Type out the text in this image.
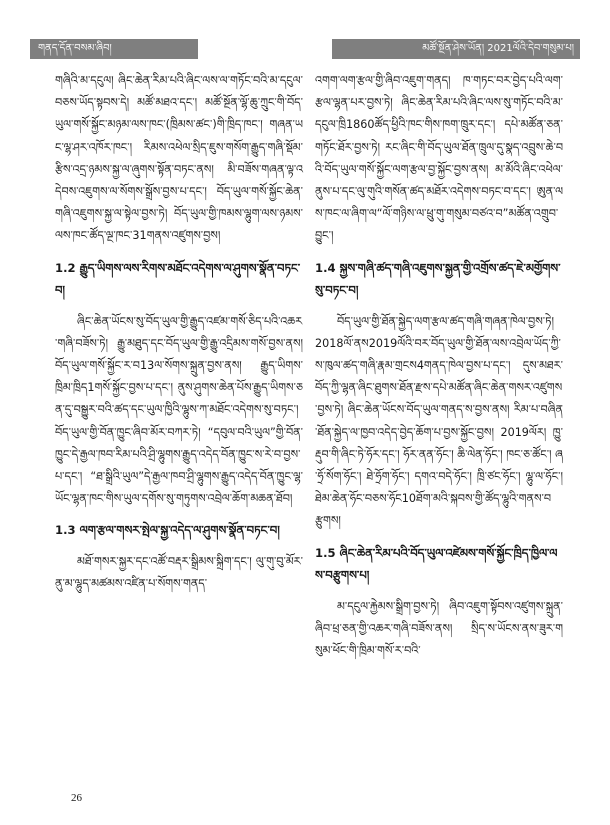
གནད་དོན་བསམ་ཞིབ།	མཚོ་སྔོན་ཤེས་ཡོན། 2021ལོའི་དེབ་གསུམ་པ།

གཞིའི་མ་དངུལ། ཞིང་ཆེན་རིམ་པའི་ཞིང་ལས་ལ་གཏོང་བའི་མ་དངུལ་བཅས་ཡོད་སྟབས་དེ། མཚོ་མཐའ་དང་། མཚོ་སྔོན་ལྷོ་ཆུ་ཀྲུང་གི་བོད་ཡུལ་གསོ་སྐྱོང་མཉམ་ལས་ཁང་(ཁྲིམས་ཚང་)གི་ཁྲིད་ཁང་། གཞན་ཡང་ལྷ་ཤར་འཁོར་ཁང་། རིམས་འཕེལ་སྲིད་ཇུས་གསོག་རྒྱུད་གཞི་སྡོམ་རྩིས་འདྲ་ཉམས་སྐྱ་ལ་ཞུགས་སྟོན་བཏང་ནས། མི་བཟོས་གཞན་ལྟ་འདེབས་འཇུགས་ལ་སོགས་སྒྲོས་བྱས་པ་དང་། བོད་ཡུལ་གསོ་སྐྱོང་ཆེན་གཞི་འཇུགས་སྐྱ་ལ་སྟེལ་བྱས་ཏེ། བོད་ཡུལ་གྱི་ཁམས་ལྷུག་ལས་ཉམས་ལས་ཁང་ཚོད་ལྔ་ཁང་31གནས་འཛུགས་བྱས།

1.2 རྒྱུད་ཡིགས་ལས་རིགས་མཐོང་འདེགས་ལ་ཤུགས་སྣོན་བཏང་བ།

ཞིང་ཆེན་ཡོངས་སུ་བོད་ཡུལ་གྱི་རྒྱུད་འཛམ་གསོ་ཅིད་པའི་འཆར་གཞི་བཟོས་ཏེ། རྒྱུ་མཐུད་དང་བོད་ཡུལ་གྱི་རྒྱུ་འདྲིམས་གསོ་བྱས་ནས། བོད་ཡུལ་གསོ་སྐྱོང་ར་བ13ལ་སོགས་སྐྲུན་བྱས་ནས། རྒྱུད་ཡིགས་ཁྲིམ་ཁྲིད1གསོ་སྐྱོང་བྱས་པ་དང་། ནུས་ཤུགས་ཆེན་པོས་རྒྱུད་ཡིགས་ཅན་དུ་བསྒྱུར་བའི་ཚད་དང་ཡུལ་ཁྱིའི་ལྷུས་ཀ་མཐོང་འདེགས་སུ་བཏང་། བོད་ཡུལ་གྱི་བོན་ཁྱུང་ཞིབ་མོར་བཀར་ཏེ། “དབུལ་བའི་ཡུལ”གྱི་བོན་ཁྱུང་དེ་རྒྱལ་ཁབ་རིམ་པའི་ཤྲི་ལྷུགས་རྒྱུད་འདེད་བོན་ཁྱུང་ས་རེ་བ་བྱས་པ་དང་། “ཐ་སྒྲིའི་ཡུལ”དེ་རྒྱལ་ཁབ་ཤྲི་ལྷུགས་རྒྱུད་འདེད་བོན་ཁྱུང་ལྷ་ཡོང་ལྷན་ཁང་གིས་ཡུལ་དགོས་སུ་གཏུགས་འབྲེལ་ཆོག་མཆན་ཐོབ།

1.3 ལག་རྩལ་གསར་སྤེལ་སྐྱ་འདེད་ལ་ཤུགས་སྣོན་བཏང་བ།

མཐོ་གསར་སྐྱར་དང་འཚོ་བརྡར་སྒྲིམས་སྐྲིག་དང་། ལུ་གུ་བུ་མོར་ནུ་མ་ལྷུད་མཚམས་འཛིན་པ་སོགས་གནད་

འགག་ལག་རྩལ་གྱི་ཞིབ་འཇུག་གནད། ཁ་གཏང་བར་བྱེད་པའི་ལག་རྩལ་ལྷན་པར་བྱས་ཏེ། ཞིང་ཆེན་རིམ་པའི་ཞིང་ལས་སུ་གཏོང་བའི་མ་དངུལ་ཁྲི1860ཚོད་ཕྱིའི་ཁང་གིས་ཁག་ཁྲུར་དང་། དཔེ་མཚོན་ཅན་གཏོང་ཐོར་བྱས་ཏེ། རང་ཞིང་གི་བོད་ཡུལ་ཐོན་ཁྲུལ་དུ་སྣད་འབྲུས་ཆེ་བའི་བོད་ཡུལ་གསོ་སྐྱོང་ལག་རྩལ་བྱ་སྐྱོང་བྱས་ནས། མ་མོའི་ཞིང་འཕེལ་ནུས་པ་དང་ལུ་གུའི་གསོན་ཚད་མཐོར་འདེགས་བཏང་བ་དང་། ཨུན་ལས་ཁང་ལ་ཞིག་ལ“ལོ་གཉིས་ལ་ཕྲུ་གུ་གསུམ་བཙའ་བ”མཚོན་འགྲུབ་བྱུང་།

1.4 སྐྱས་གཞི་ཚད་གཞི་འཇུགས་སྐྱན་གྱི་འགྲོས་ཚད་ཇེ་མགྱོགས་སུ་བཏང་བ།

བོད་ཡུལ་གྱི་ཐོན་སྐྱེད་ལག་རྩལ་ཚད་གཞི་གཞན་ཁེལ་བྱས་ཏེ། 2018ལོ་ནས2019ལོའི་བར་བོད་ཡུལ་གྱི་ཐོན་ལས་འབྲེལ་ཡོད་ཀྱི་ས་ཁུལ་ཚད་གཞི་རྣམ་གྲངས4གནད་ཁེལ་བྱས་པ་དང་། དུས་མཐར་བོད་ཀྱི་ལྷན་ཞིང་ཐུགས་ཐོན་རྫས་དཔེ་མཚོན་ཞིང་ཆེན་གསར་འཛུགས་བྱས་ཏེ། ཞིང་ཆེན་ཡོངས་བོད་ཡུལ་གནད་ས་བྱས་ནས། རིམ་པ་བཞིན་ཐོན་སྐྱེད་ལ་ཁྱབ་འདེད་བྱེད་ཆོག་པ་བྱས་སྐྱོང་བྱས། 2019ལོར། ཁྱུ་རྡུབ་གི་ཞིང་ཏེ་ཧོར་དང་། ཧོར་ནན་ཧོང་། ཆི་ལེན་ཧོང་། ཁང་ཅ་ཚོང་། ཞ་ཧྲོ་སོག་ཧོང་། ཐེ་ཧྲོག་ཧོང་། དགའ་བདེ་ཧོང་། ཁྲི་ཙང་ཧོང་། ལྷུ་ལ་ཧོང་། ཐེམ་ཆེན་ཧོང་བཅས་ཧོང10ཐོག་མའི་སྐབས་གྱི་ཚོད་ལྷུའི་གནས་བརྩུགས།

1.5 ཞིང་ཆེན་རིམ་པའི་བོད་ཡུལ་འཛེམས་གསོ་སྐྱོང་ཁྲིད་ཁྱིལ་ལས་བརྩུགས་པ།

མ་དངུལ་རྐྱེམས་སྒྲིག་བྱས་ཏེ། ཞིབ་འཇུག་སྟོབས་འཛུགས་སྐྲུན་ཞིབ་ཕྲ་ཅན་གྱི་འཆར་གཞི་བཟོས་ནས། སྲིད་ས་ཡོངས་ནས་ཟུར་གསུམ་ཕོང་གི་ཁྲིམ་གསོ་ར་བའི་

26
